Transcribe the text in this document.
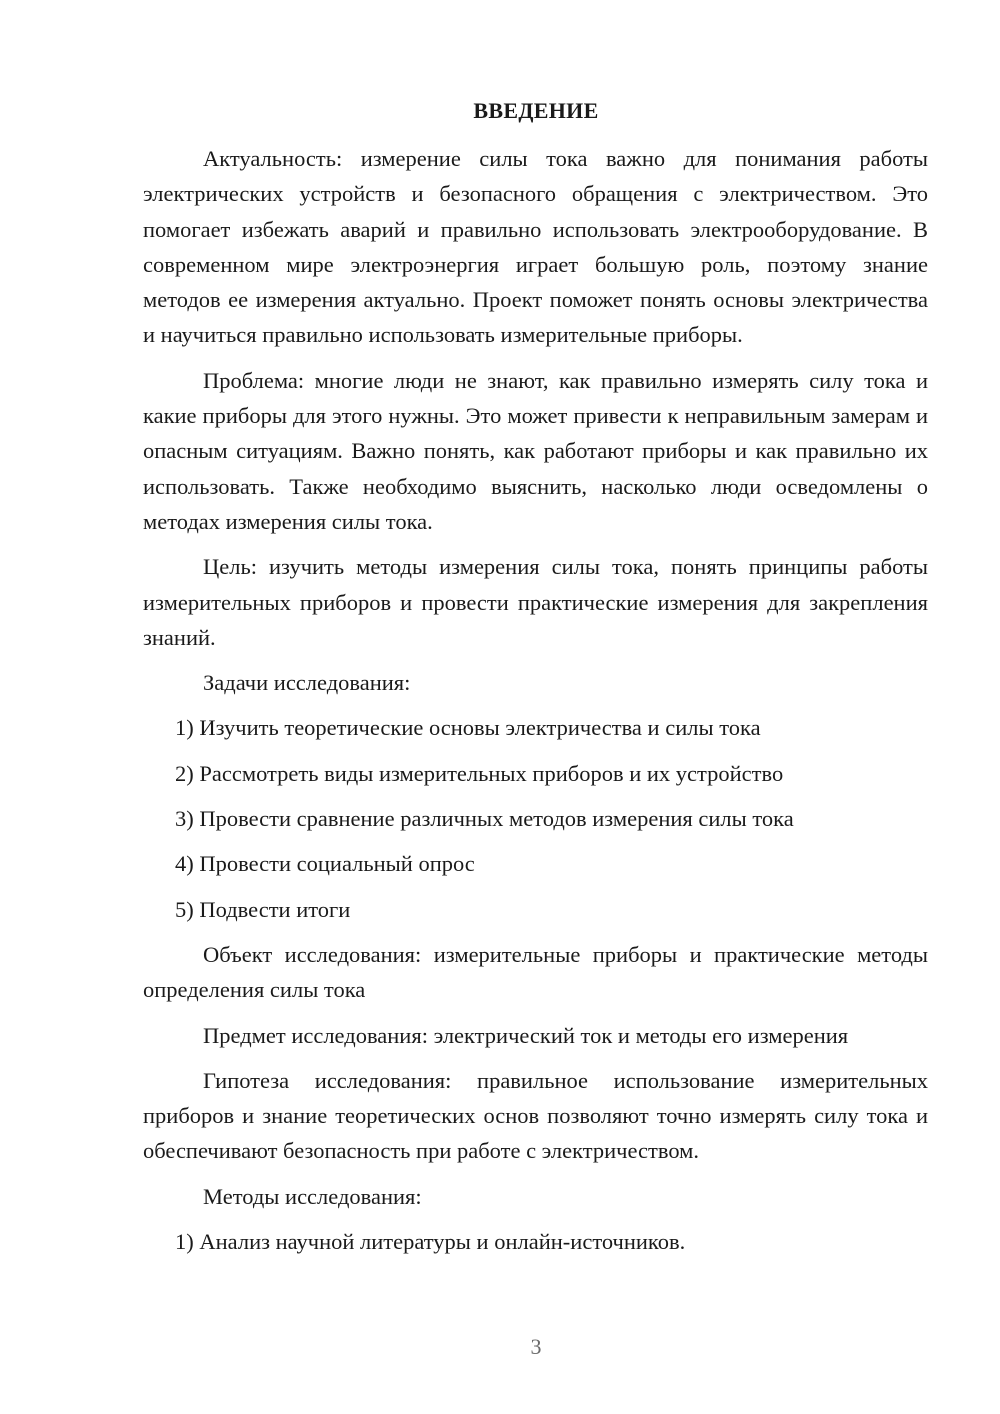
ВВЕДЕНИЕ

Актуальность: измерение силы тока важно для понимания работы электрических устройств и безопасного обращения с электричеством. Это помогает избежать аварий и правильно использовать электрооборудование. В современном мире электроэнергия играет большую роль, поэтому знание методов ее измерения актуально. Проект поможет понять основы электричества и научиться правильно использовать измерительные приборы.

Проблема: многие люди не знают, как правильно измерять силу тока и какие приборы для этого нужны. Это может привести к неправильным замерам и опасным ситуациям. Важно понять, как работают приборы и как правильно их использовать. Также необходимо выяснить, насколько люди осведомлены о методах измерения силы тока.

Цель: изучить методы измерения силы тока, понять принципы работы измерительных приборов и провести практические измерения для закрепления знаний.

Задачи исследования:

1) Изучить теоретические основы электричества и силы тока
2) Рассмотреть виды измерительных приборов и их устройство
3) Провести сравнение различных методов измерения силы тока
4) Провести социальный опрос
5) Подвести итоги

Объект исследования: измерительные приборы и практические методы определения силы тока

Предмет исследования: электрический ток и методы его измерения

Гипотеза исследования: правильное использование измерительных приборов и знание теоретических основ позволяют точно измерять силу тока и обеспечивают безопасность при работе с электричеством.

Методы исследования:

1) Анализ научной литературы и онлайн-источников.
3
